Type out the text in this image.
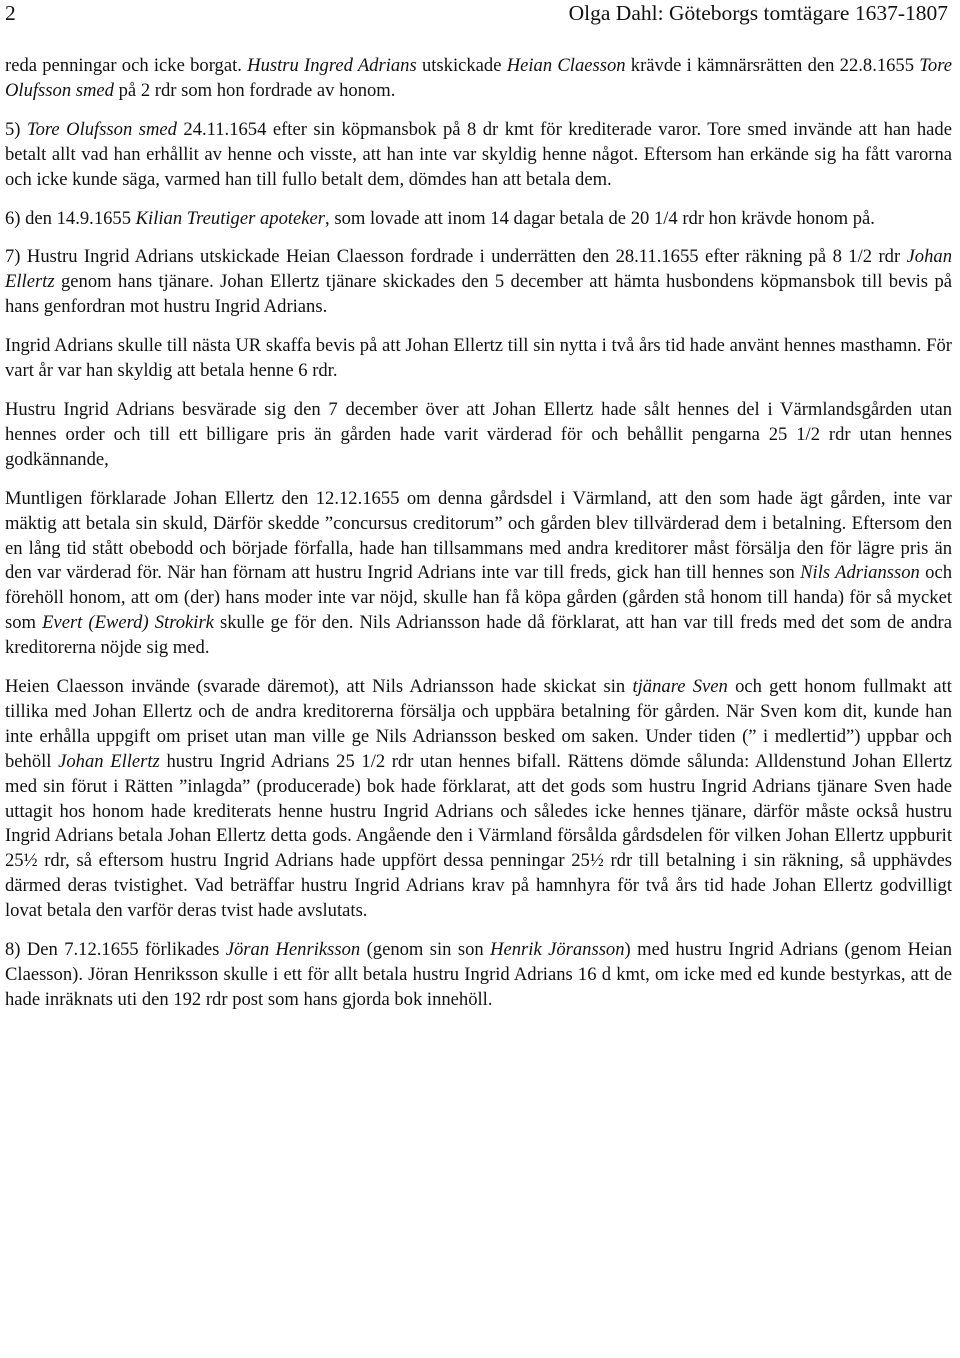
2	Olga Dahl: Göteborgs tomtägare 1637-1807

reda penningar och icke borgat. Hustru Ingred Adrians utskickade Heian Claesson krävde i kämnärsrätten den 22.8.1655 Tore Olufsson smed på 2 rdr som hon fordrade av honom.

5) Tore Olufsson smed 24.11.1654 efter sin köpmansbok på 8 dr kmt för krediterade varor. Tore smed invände att han hade betalt allt vad han erhållit av henne och visste, att han inte var skyldig henne något. Eftersom han erkände sig ha fått varorna och icke kunde säga, varmed han till fullo betalt dem, dömdes han att betala dem.

6) den 14.9.1655 Kilian Treutiger apoteker, som lovade att inom 14 dagar betala de 20 1/4 rdr hon krävde honom på.

7) Hustru Ingrid Adrians utskickade Heian Claesson fordrade i underrätten den 28.11.1655 efter räkning på 8 1/2 rdr Johan Ellertz genom hans tjänare. Johan Ellertz tjänare skickades den 5 december att hämta husbondens köpmansbok till bevis på hans genfordran mot hustru Ingrid Adrians.

Ingrid Adrians skulle till nästa UR skaffa bevis på att Johan Ellertz till sin nytta i två års tid hade använt hennes masthamn. För vart år var han skyldig att betala henne 6 rdr.

Hustru Ingrid Adrians besvärade sig den 7 december över att Johan Ellertz hade sålt hennes del i Värmlandsgården utan hennes order och till ett billigare pris än gården hade varit värderad för och behållit pengarna 25 1/2 rdr utan hennes godkännande,

Muntligen förklarade Johan Ellertz den 12.12.1655 om denna gårdsdel i Värmland, att den som hade ägt gården, inte var mäktig att betala sin skuld, Därför skedde ”concursus creditorum” och gården blev tillvärderad dem i betalning. Eftersom den en lång tid stått obebodd och började förfalla, hade han tillsammans med andra kreditorer måst försälja den för lägre pris än den var värderad för. När han förnam att hustru Ingrid Adrians inte var till freds, gick han till hennes son Nils Adriansson och förehöll honom, att om (der) hans moder inte var nöjd, skulle han få köpa gården (gården stå honom till handa) för så mycket som Evert (Ewerd) Strokirk skulle ge för den. Nils Adriansson hade då förklarat, att han var till freds med det som de andra kreditorerna nöjde sig med.

Heien Claesson invände (svarade däremot), att Nils Adriansson hade skickat sin tjänare Sven och gett honom fullmakt att tillika med Johan Ellertz och de andra kreditorerna försälja och uppbära betalning för gården. När Sven kom dit, kunde han inte erhålla uppgift om priset utan man ville ge Nils Adriansson besked om saken. Under tiden (” i medlertid”) uppbar och behöll Johan Ellertz hustru Ingrid Adrians 25 1/2 rdr utan hennes bifall. Rättens dömde sålunda: Alldenstund Johan Ellertz med sin förut i Rätten ”inlagda” (producerade) bok hade förklarat, att det gods som hustru Ingrid Adrians tjänare Sven hade uttagit hos honom hade krediterats henne hustru Ingrid Adrians och således icke hennes tjänare, därför måste också hustru Ingrid Adrians betala Johan Ellertz detta gods. Angående den i Värmland försålda gårdsdelen för vilken Johan Ellertz uppburit 25½ rdr, så eftersom hustru Ingrid Adrians hade uppfört dessa penningar 25½ rdr till betalning i sin räkning, så upphävdes därmed deras tvistighet. Vad beträffar hustru Ingrid Adrians krav på hamnhyra för två års tid hade Johan Ellertz godvilligt lovat betala den varför deras tvist hade avslutats.

8) Den 7.12.1655 förlikades Jöran Henriksson (genom sin son Henrik Jöransson) med hustru Ingrid Adrians (genom Heian Claesson). Jöran Henriksson skulle i ett för allt betala hustru Ingrid Adrians 16 d kmt, om icke med ed kunde bestyrkas, att de hade inräknats uti den 192 rdr post som hans gjorda bok innehöll.
